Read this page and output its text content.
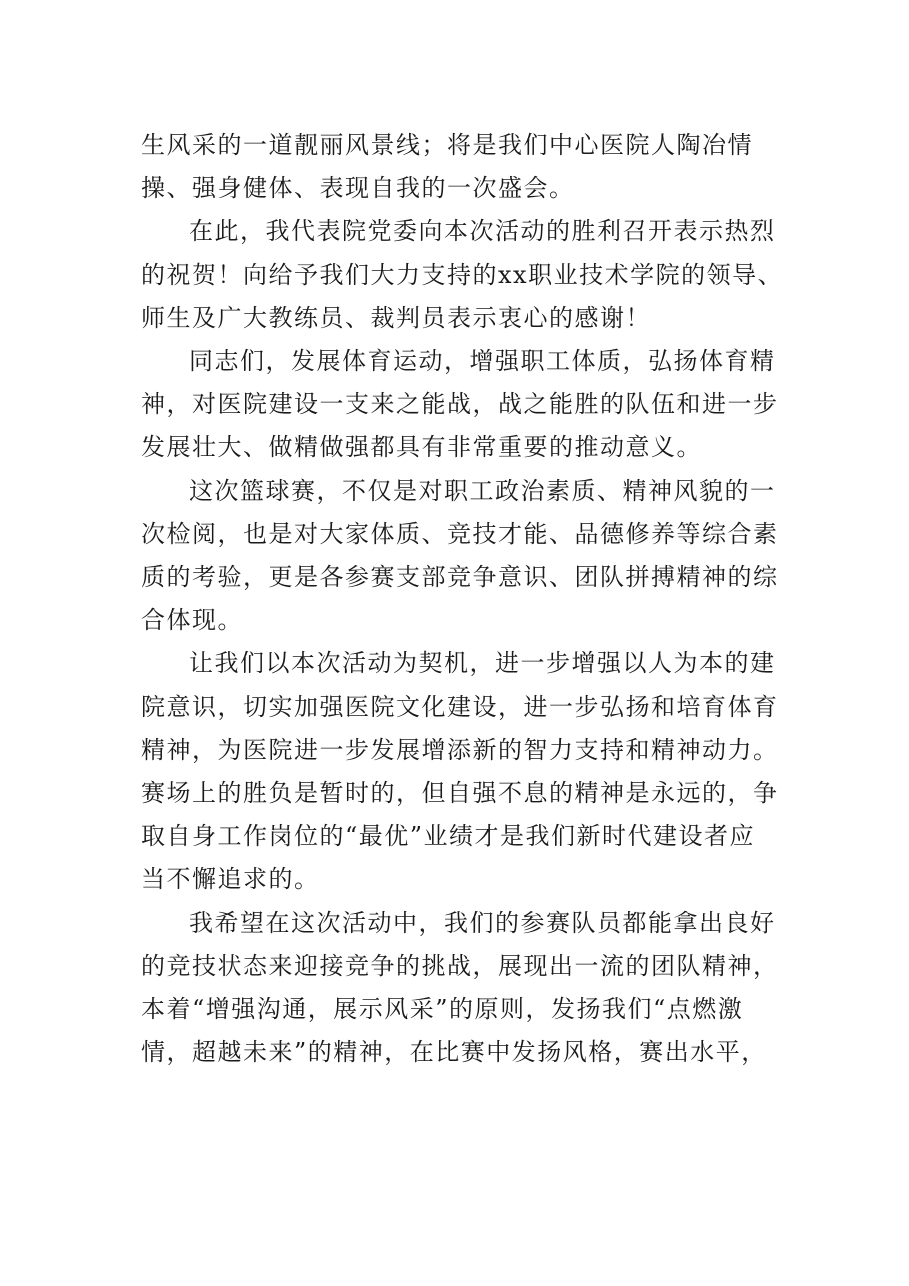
生风采的一道靓丽风景线；将是我们中心医院人陶冶情
操、强身健体、表现自我的一次盛会。

在此，我代表院党委向本次活动的胜利召开表示热烈
的祝贺！向给予我们大力支持的xx职业技术学院的领导、
师生及广大教练员、裁判员表示衷心的感谢！

同志们，发展体育运动，增强职工体质，弘扬体育精
神，对医院建设一支来之能战，战之能胜的队伍和进一步
发展壮大、做精做强都具有非常重要的推动意义。

这次篮球赛，不仅是对职工政治素质、精神风貌的一
次检阅，也是对大家体质、竞技才能、品德修养等综合素
质的考验，更是各参赛支部竞争意识、团队拼搏精神的综
合体现。

让我们以本次活动为契机，进一步增强以人为本的建
院意识，切实加强医院文化建设，进一步弘扬和培育体育
精神，为医院进一步发展增添新的智力支持和精神动力。
赛场上的胜负是暂时的，但自强不息的精神是永远的，争
取自身工作岗位的“最优”业绩才是我们新时代建设者应
当不懈追求的。

我希望在这次活动中，我们的参赛队员都能拿出良好
的竞技状态来迎接竞争的挑战，展现出一流的团队精神，
本着“增强沟通，展示风采”的原则，发扬我们“点燃激
情，超越未来”的精神，在比赛中发扬风格，赛出水平，
